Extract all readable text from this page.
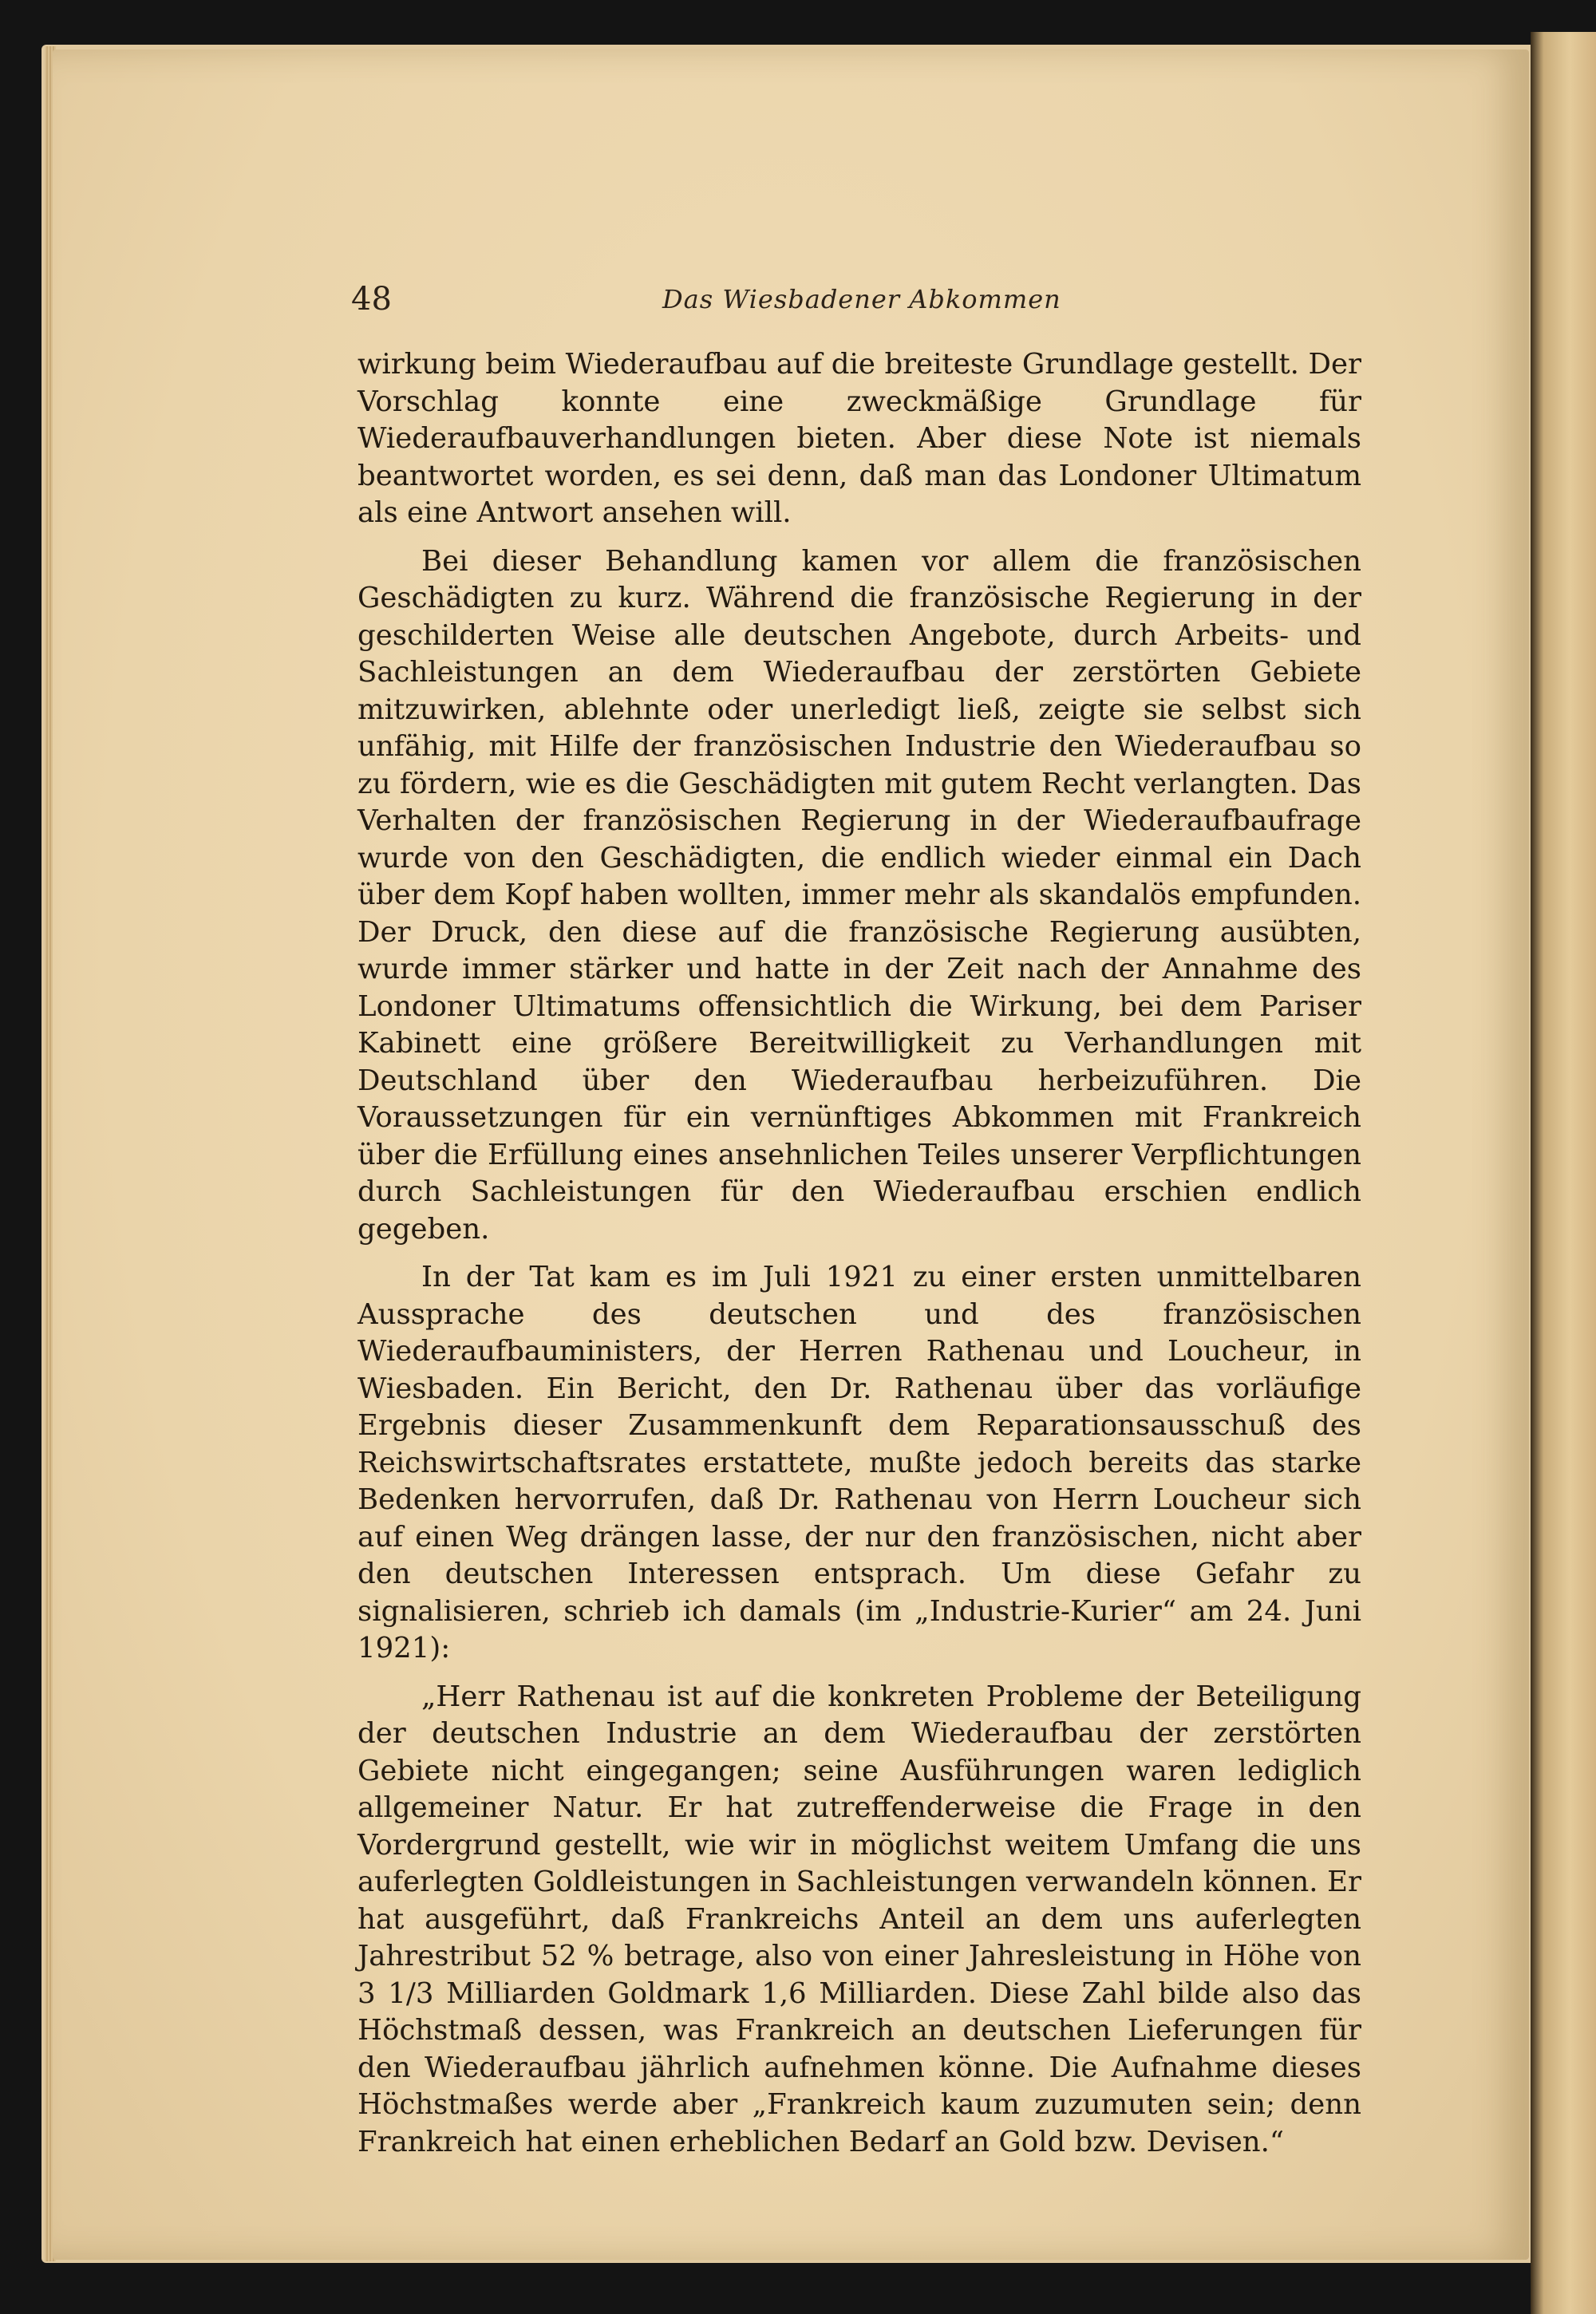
48	Das Wiesbadener Abkommen

wirkung beim Wiederaufbau auf die breiteste Grundlage gestellt. Der Vorschlag konnte eine zweckmäßige Grundlage für Wiederaufbauverhandlungen bieten. Aber diese Note ist niemals beantwortet worden, es sei denn, daß man das Londoner Ultimatum als eine Antwort ansehen will.

Bei dieser Behandlung kamen vor allem die französischen Geschädigten zu kurz. Während die französische Regierung in der geschilderten Weise alle deutschen Angebote, durch Arbeits- und Sachleistungen an dem Wiederaufbau der zerstörten Gebiete mitzuwirken, ablehnte oder unerledigt ließ, zeigte sie selbst sich unfähig, mit Hilfe der französischen Industrie den Wiederaufbau so zu fördern, wie es die Geschädigten mit gutem Recht verlangten. Das Verhalten der französischen Regierung in der Wiederaufbaufrage wurde von den Geschädigten, die endlich wieder einmal ein Dach über dem Kopf haben wollten, immer mehr als skandalös empfunden. Der Druck, den diese auf die französische Regierung ausübten, wurde immer stärker und hatte in der Zeit nach der Annahme des Londoner Ultimatums offensichtlich die Wirkung, bei dem Pariser Kabinett eine größere Bereitwilligkeit zu Verhandlungen mit Deutschland über den Wiederaufbau herbeizuführen. Die Voraussetzungen für ein vernünftiges Abkommen mit Frankreich über die Erfüllung eines ansehnlichen Teiles unserer Verpflichtungen durch Sachleistungen für den Wiederaufbau erschien endlich gegeben.

In der Tat kam es im Juli 1921 zu einer ersten unmittelbaren Aussprache des deutschen und des französischen Wiederaufbauministers, der Herren Rathenau und Loucheur, in Wiesbaden. Ein Bericht, den Dr. Rathenau über das vorläufige Ergebnis dieser Zusammenkunft dem Reparationsausschuß des Reichswirtschaftsrates erstattete, mußte jedoch bereits das starke Bedenken hervorrufen, daß Dr. Rathenau von Herrn Loucheur sich auf einen Weg drängen lasse, der nur den französischen, nicht aber den deutschen Interessen entsprach. Um diese Gefahr zu signalisieren, schrieb ich damals (im „Industrie-Kurier“ am 24. Juni 1921):

„Herr Rathenau ist auf die konkreten Probleme der Beteiligung der deutschen Industrie an dem Wiederaufbau der zerstörten Gebiete nicht eingegangen; seine Ausführungen waren lediglich allgemeiner Natur. Er hat zutreffenderweise die Frage in den Vordergrund gestellt, wie wir in möglichst weitem Umfang die uns auferlegten Goldleistungen in Sachleistungen verwandeln können. Er hat ausgeführt, daß Frankreichs Anteil an dem uns auferlegten Jahrestribut 52 % betrage, also von einer Jahresleistung in Höhe von 3 1/3 Milliarden Goldmark 1,6 Milliarden. Diese Zahl bilde also das Höchstmaß dessen, was Frankreich an deutschen Lieferungen für den Wiederaufbau jährlich aufnehmen könne. Die Aufnahme dieses Höchstmaßes werde aber „Frankreich kaum zuzumuten sein; denn Frankreich hat einen erheblichen Bedarf an Gold bzw. Devisen.“
